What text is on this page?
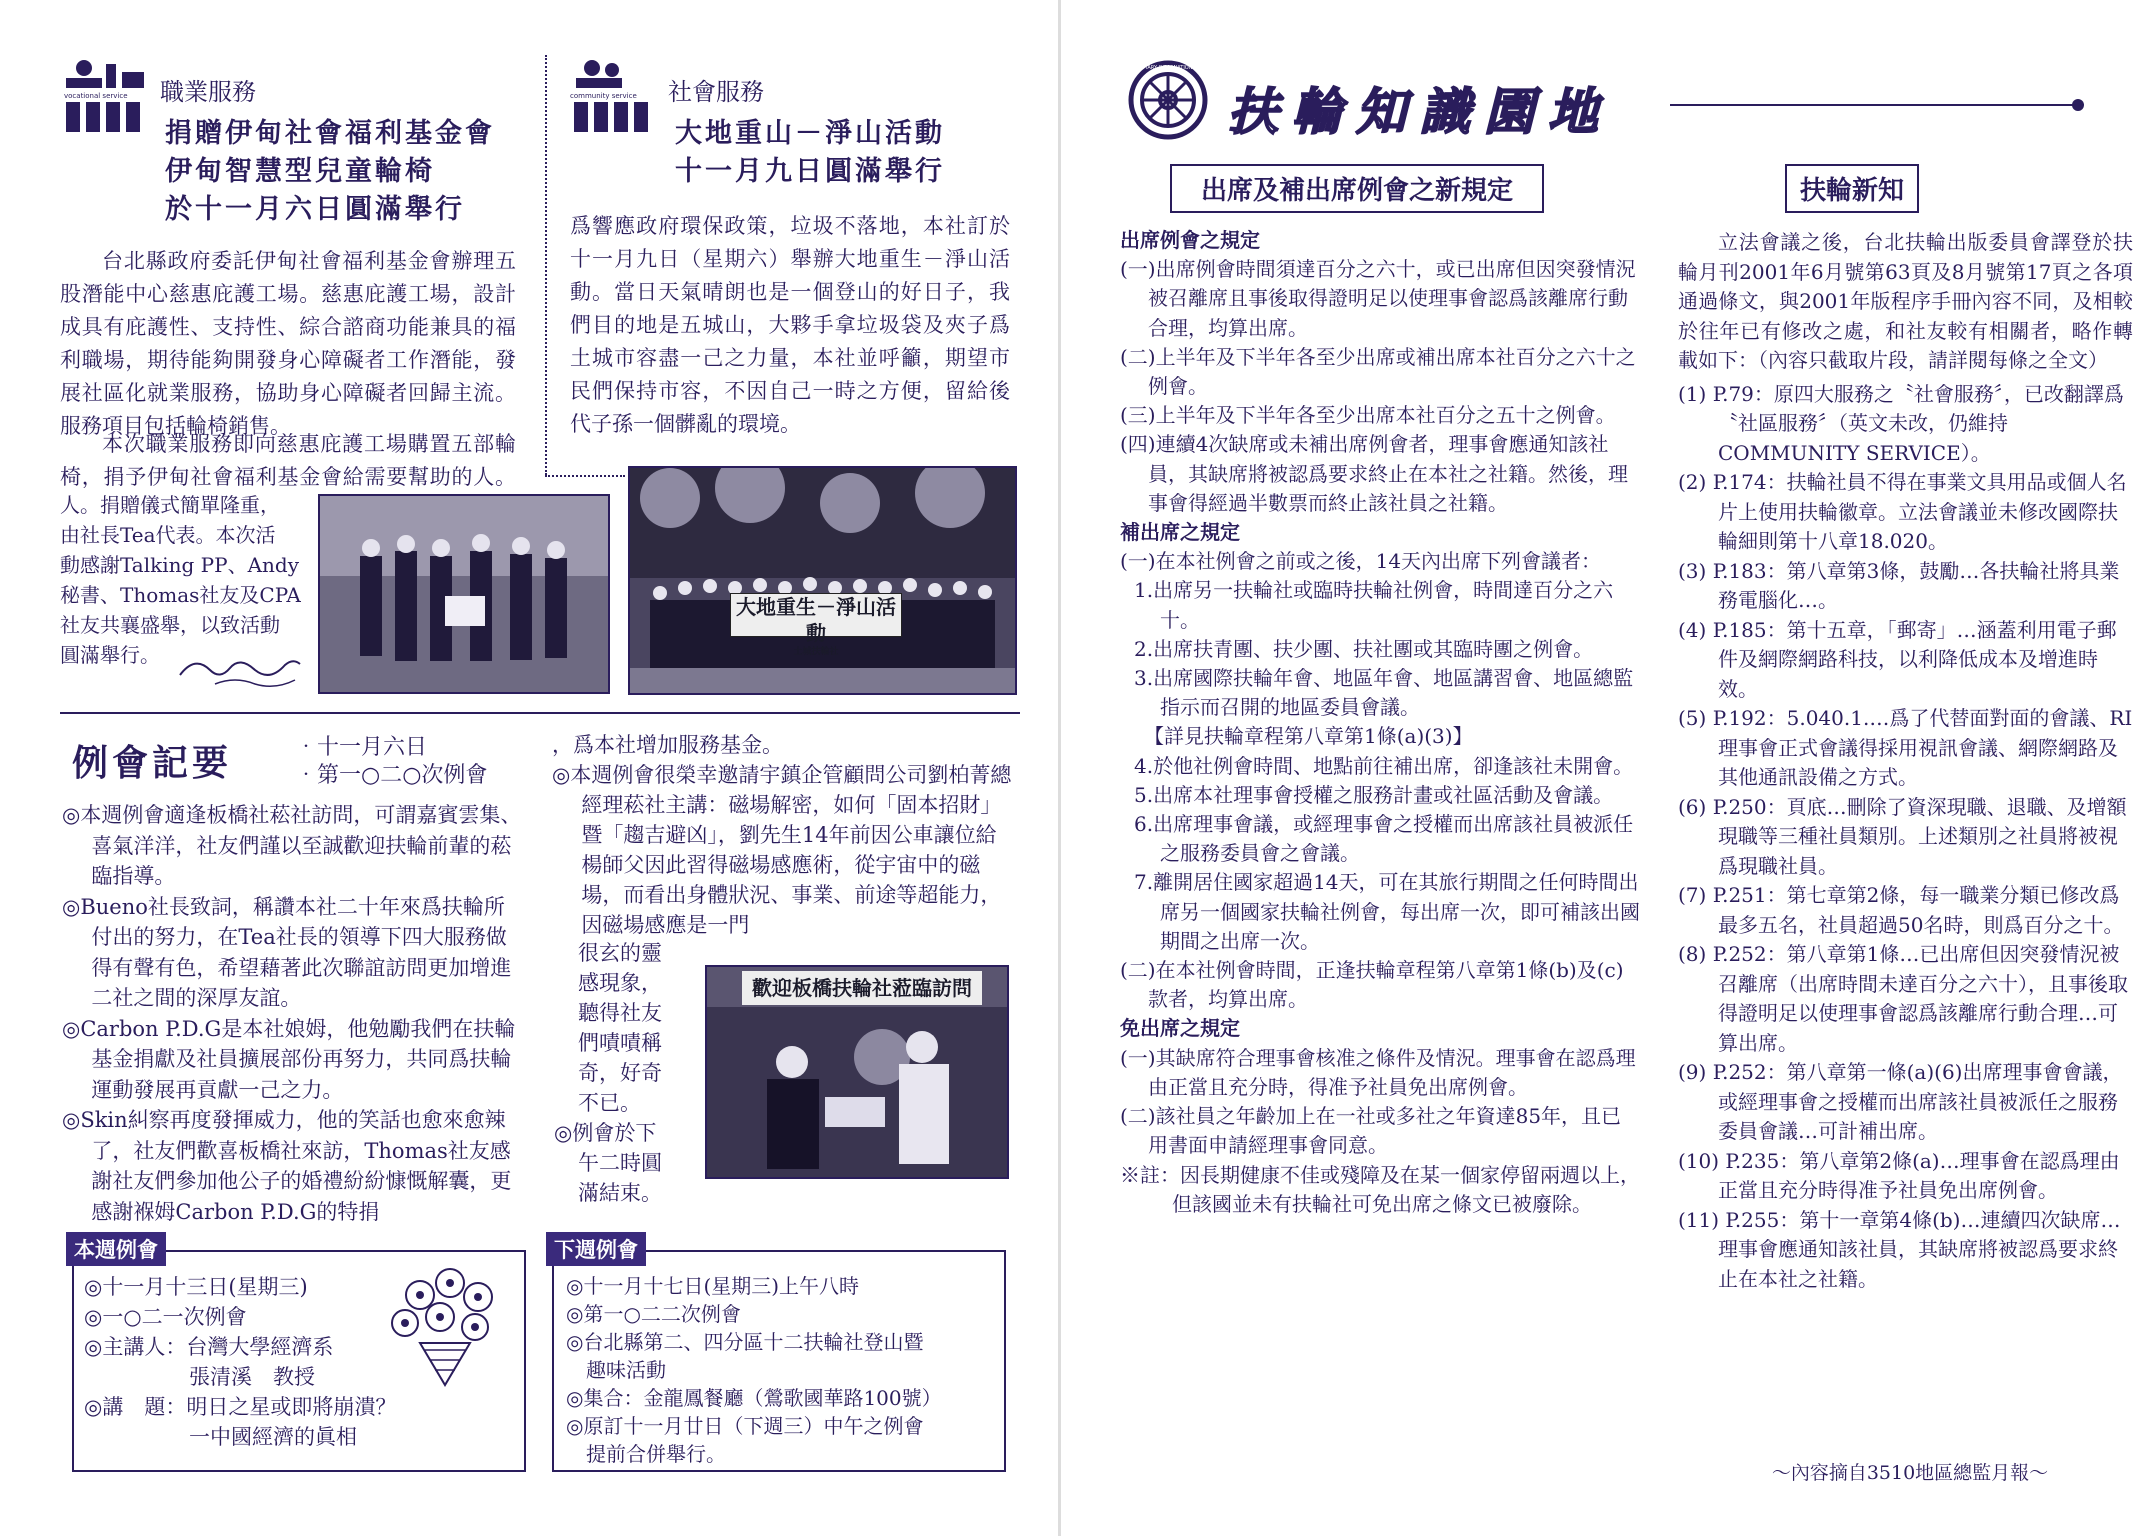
vocational service 職業服務
捐贈伊甸社會福利基金會
伊甸智慧型兒童輪椅
於十一月六日圓滿舉行

台北縣政府委託伊甸社會福利基金會辦理五股潛能中心慈惠庇護工場。慈惠庇護工場，設計成具有庇護性、支持性、綜合諮商功能兼具的福利職場，期待能夠開發身心障礙者工作潛能，發展社區化就業服務，協助身心障礙者回歸主流。服務項目包括輪椅銷售。

本次職業服務即向慈惠庇護工場購置五部輪椅，捐予伊甸社會福利基金會給需要幫助的人。

人。捐贈儀式簡單隆重，
由社長Tea代表。本次活
動感謝Talking PP、Andy
秘書、Thomas社友及CPA
社友共襄盛舉，以致活動
圓滿舉行。
community service 社會服務
大地重山－淨山活動
十一月九日圓滿舉行
爲響應政府環保政策，垃圾不落地，本社訂於十一月九日（星期六）舉辦大地重生－淨山活動。當日天氣晴朗也是一個登山的好日子，我們目的地是五城山，大夥手拿垃圾袋及夾子爲土城市容盡一己之力量，本社並呼籲，期望市民們保持市容，不因自己一時之方便，留給後代子孫一個髒亂的環境。
大地重生－淨山活動
土城扶輪社
例會記要	‧十一月六日
‧第一○二○次例會
◎本週例會適逢板橋社菘社訪問，可謂嘉賓雲集、喜氣洋洋，社友們謹以至誠歡迎扶輪前輩的菘臨指導。
◎Bueno社長致詞，稱讚本社二十年來爲扶輪所付出的努力，在Tea社長的領導下四大服務做得有聲有色，希望藉著此次聯誼訪問更加增進二社之間的深厚友誼。
◎Carbon P.D.G是本社娘姆，他勉勵我們在扶輪基金捐獻及社員擴展部份再努力，共同爲扶輪運動發展再貢獻一己之力。
◎Skin糾察再度發揮威力，他的笑話也愈來愈辣了，社友們歡喜板橋社來訪，Thomas社友感謝社友們參加他公子的婚禮紛紛慷慨解囊，更感謝褓姆Carbon P.D.G的特捐
，爲本社增加服務基金。
◎本週例會很榮幸邀請宇鎮企管顧問公司劉柏菁總經理菘社主講：磁場解密，如何「固本招財」暨「趨吉避凶」，劉先生14年前因公車讓位給楊師父因此習得磁場感應術，從宇宙中的磁場，而看出身體狀況、事業、前途等超能力，因磁場感應是一門
很玄的靈
感現象，
聽得社友
們嘖嘖稱
奇，好奇
不已。
◎例會於下
午二時圓
滿結束。
歡迎板橋扶輪社蒞臨訪問
本週例會
◎十一月十三日(星期三)
◎一○二一次例會
◎主講人：台灣大學經濟系
　　　　　張清溪　教授
◎講　題：明日之星或即將崩潰？
　　　　　一中國經濟的眞相
下週例會
◎十一月十七日(星期三)上午八時
◎第一○二二次例會
◎台北縣第二、四分區十二扶輪社登山暨
　趣味活動
◎集合：金龍鳳餐廳（鶯歌國華路100號）
◎原訂十一月廿日（下週三）中午之例會
　提前合併舉行。
ROTARY INTERNATIONAL
扶輪知識園地
出席及補出席例會之新規定
出席例會之規定
(一)出席例會時間須達百分之六十，或已出席但因突發情況被召離席且事後取得證明足以使理事會認爲該離席行動合理，均算出席。
(二)上半年及下半年各至少出席或補出席本社百分之六十之例會。
(三)上半年及下半年各至少出席本社百分之五十之例會。
(四)連續4次缺席或未補出席例會者，理事會應通知該社員，其缺席將被認爲要求終止在本社之社籍。然後，理事會得經過半數票而終止該社員之社籍。
補出席之規定
(一)在本社例會之前或之後，14天內出席下列會議者：
1.出席另一扶輪社或臨時扶輪社例會，時間達百分之六十。
2.出席扶青團、扶少團、扶社團或其臨時團之例會。
3.出席國際扶輪年會、地區年會、地區講習會、地區總監指示而召開的地區委員會議。
【詳見扶輪章程第八章第1條(a)(3)】
4.於他社例會時間、地點前往補出席，卻逢該社未開會。
5.出席本社理事會授權之服務計畫或社區活動及會議。
6.出席理事會議，或經理事會之授權而出席該社員被派任之服務委員會之會議。
7.離開居住國家超過14天，可在其旅行期間之任何時間出席另一個國家扶輪社例會，每出席一次，即可補該出國期間之出席一次。
(二)在本社例會時間，正逢扶輪章程第八章第1條(b)及(c)款者，均算出席。
免出席之規定
(一)其缺席符合理事會核准之條件及情況。理事會在認爲理由正當且充分時，得准予社員免出席例會。
(二)該社員之年齡加上在一社或多社之年資達85年，且已用書面申請經理事會同意。
※註：因長期健康不佳或殘障及在某一個家停留兩週以上，但該國並未有扶輪社可免出席之條文已被廢除。
扶輪新知
立法會議之後，台北扶輪出版委員會譯登於扶輪月刊2001年6月號第63頁及8月號第17頁之各項通過條文，與2001年版程序手冊內容不同，及相較於往年已有修改之處，和社友較有相關者，略作轉載如下：（內容只截取片段，請詳閱每條之全文）
(1) P.79：原四大服務之〝社會服務〞，已改翻譯爲〝社區服務〞（英文未改，仍維持COMMUNITY SERVICE）。
(2) P.174：扶輪社員不得在事業文具用品或個人名片上使用扶輪徽章。立法會議並未修改國際扶輪細則第十八章18.020。
(3) P.183：第八章第3條，鼓勵…各扶輪社將具業務電腦化…。
(4) P.185：第十五章，「郵寄」…涵蓋利用電子郵件及網際網路科技，以利降低成本及增進時效。
(5) P.192：5.040.1.…爲了代替面對面的會議、RI理事會正式會議得採用視訊會議、網際網路及其他通訊設備之方式。
(6) P.250：頁底…刪除了資深現職、退職、及增額現職等三種社員類別。上述類別之社員將被視爲現職社員。
(7) P.251：第七章第2條，每一職業分類已修改爲最多五名，社員超過50名時，則爲百分之十。
(8) P.252：第八章第1條…已出席但因突發情況被召離席（出席時間未達百分之六十），且事後取得證明足以使理事會認爲該離席行動合理…可算出席。
(9) P.252：第八章第一條(a)(6)出席理事會會議，或經理事會之授權而出席該社員被派任之服務委員會議…可計補出席。
(10) P.235：第八章第2條(a)…理事會在認爲理由正當且充分時得准予社員免出席例會。
(11) P.255：第十一章第4條(b)…連續四次缺席…理事會應通知該社員，其缺席將被認爲要求終止在本社之社籍。
～內容摘自3510地區總監月報～
